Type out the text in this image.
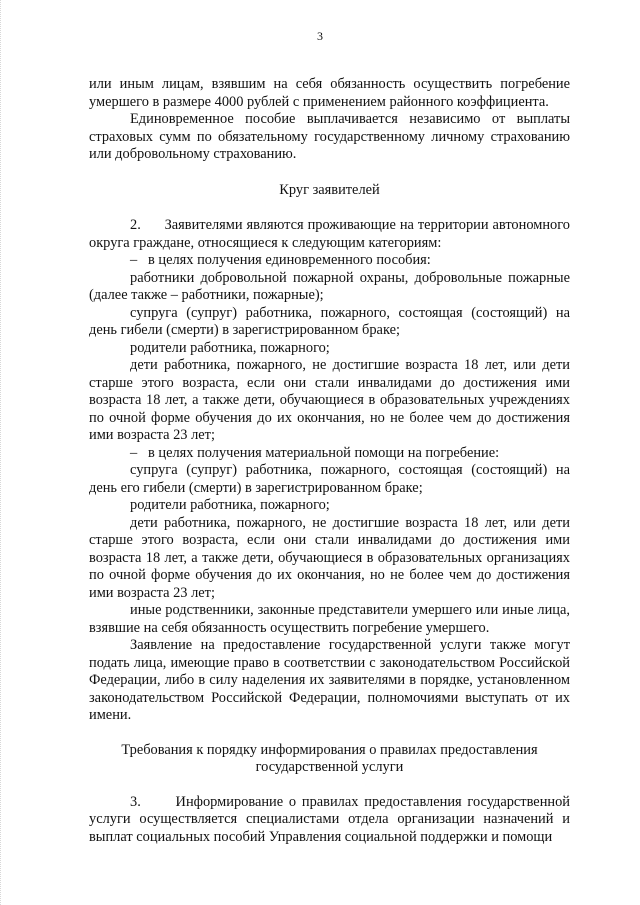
3

или иным лицам, взявшим на себя обязанность осуществить погребение умершего в размере 4000 рублей с применением районного коэффициента.

Единовременное пособие выплачивается независимо от выплаты страховых сумм по обязательному государственному личному страхованию или добровольному страхованию.

Круг заявителей

2.      Заявителями являются проживающие на территории автономного округа граждане, относящиеся к следующим категориям:

–   в целях получения единовременного пособия:

работники добровольной пожарной охраны, добровольные пожарные (далее также – работники, пожарные);

супруга (супруг) работника, пожарного, состоящая (состоящий) на день гибели (смерти) в зарегистрированном браке;

родители работника, пожарного;

дети работника, пожарного, не достигшие возраста 18 лет, или дети старше этого возраста, если они стали инвалидами до достижения ими возраста 18 лет, а также дети, обучающиеся в образовательных учреждениях по очной форме обучения до их окончания, но не более чем до достижения ими возраста 23 лет;

–   в целях получения материальной помощи на погребение:

супруга (супруг) работника, пожарного, состоящая (состоящий) на день его гибели (смерти) в зарегистрированном браке;

родители работника, пожарного;

дети работника, пожарного, не достигшие возраста 18 лет, или дети старше этого возраста, если они стали инвалидами до достижения ими возраста 18 лет, а также дети, обучающиеся в образовательных организациях по очной форме обучения до их окончания, но не более чем до достижения ими возраста 23 лет;

иные родственники, законные представители умершего или иные лица, взявшие на себя обязанность осуществить погребение умершего.

Заявление на предоставление государственной услуги также могут подать лица, имеющие право в соответствии с законодательством Российской Федерации, либо в силу наделения их заявителями в порядке, установленном законодательством Российской Федерации, полномочиями выступать от их имени.

Требования к порядку информирования о правилах предоставления

государственной услуги

3.      Информирование о правилах предоставления государственной услуги осуществляется специалистами отдела организации назначений и выплат социальных пособий Управления социальной поддержки и помощи
